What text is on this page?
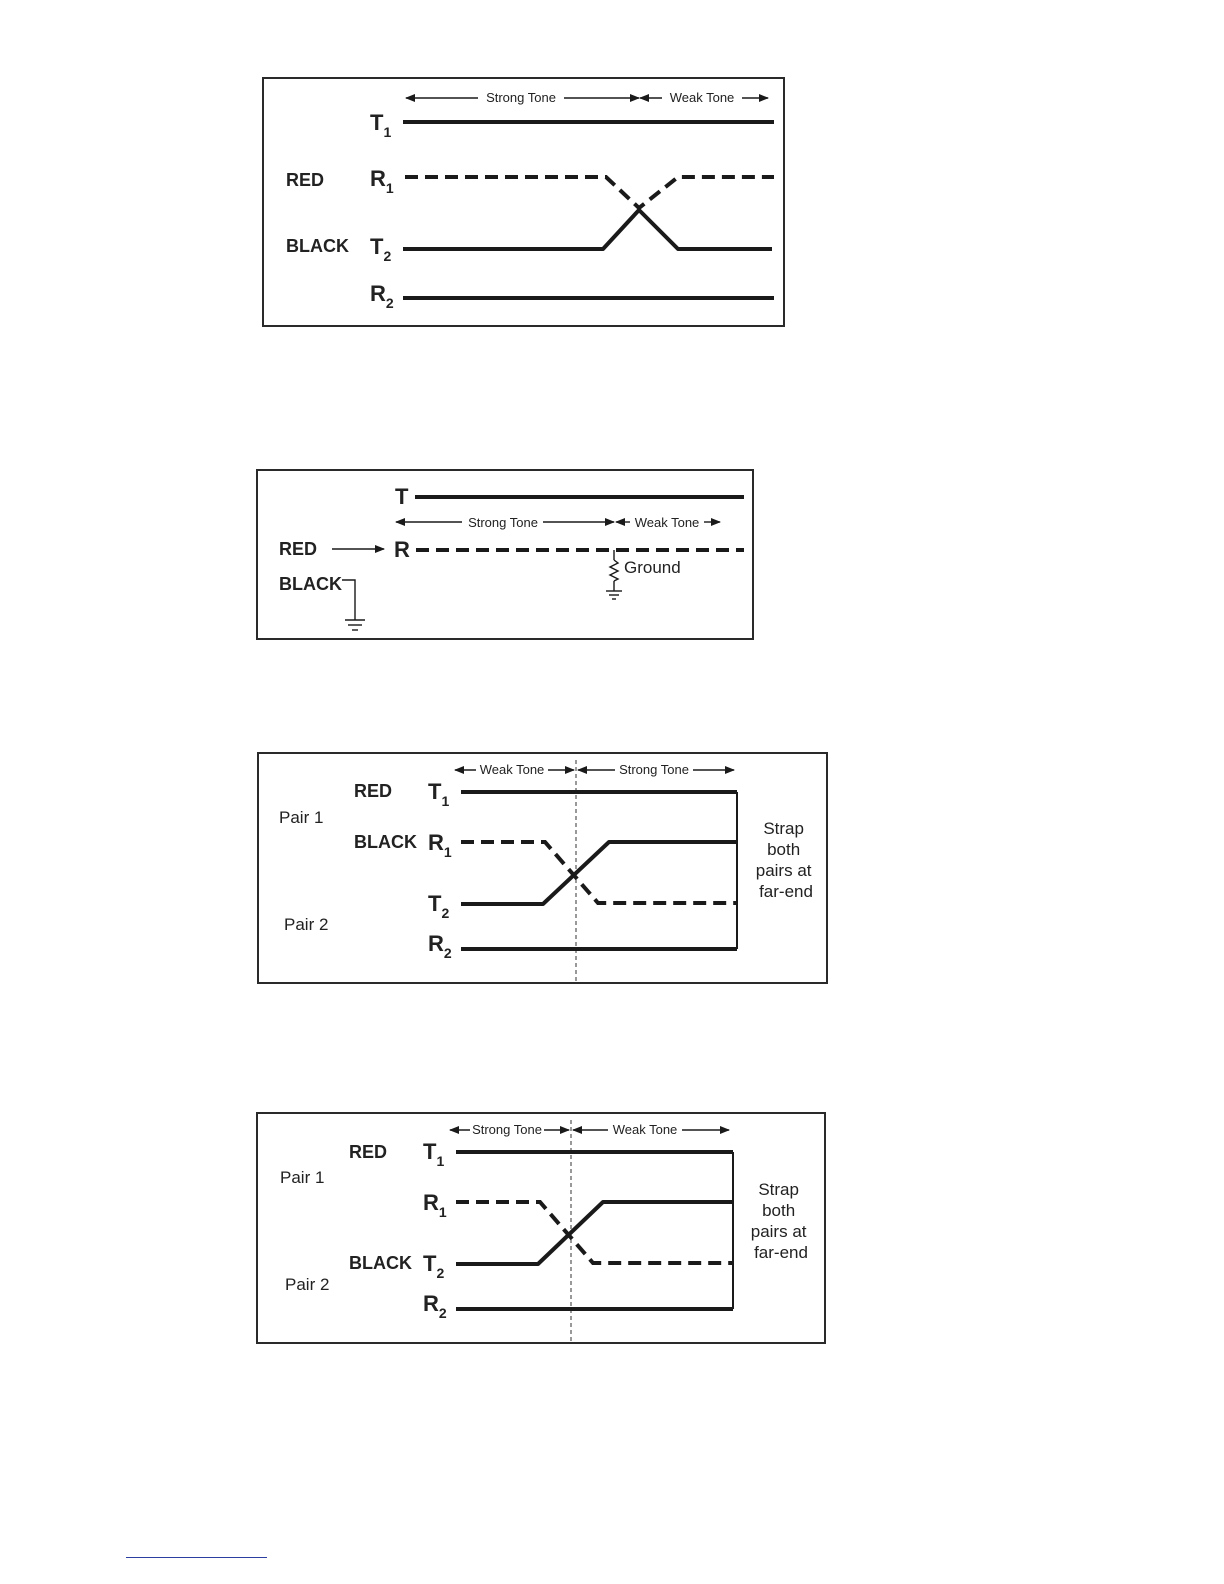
Strong Tone	Weak Tone
$T_1$
$R_1$
$T_2$
$R_2$
RED
BLACK
T
Strong Tone	Weak Tone
RED	R
Ground
BLACK
Weak Tone	Strong Tone
RED
BLACK
Pair 1
Pair 2
$T_1$
$R_1$
$T_2$
$R_2$
Strap both pairs at far-end
Strong Tone	Weak Tone
RED
BLACK
Pair 1
Pair 2
$T_1$
$R_1$
$T_2$
$R_2$
Strap both pairs at far-end
